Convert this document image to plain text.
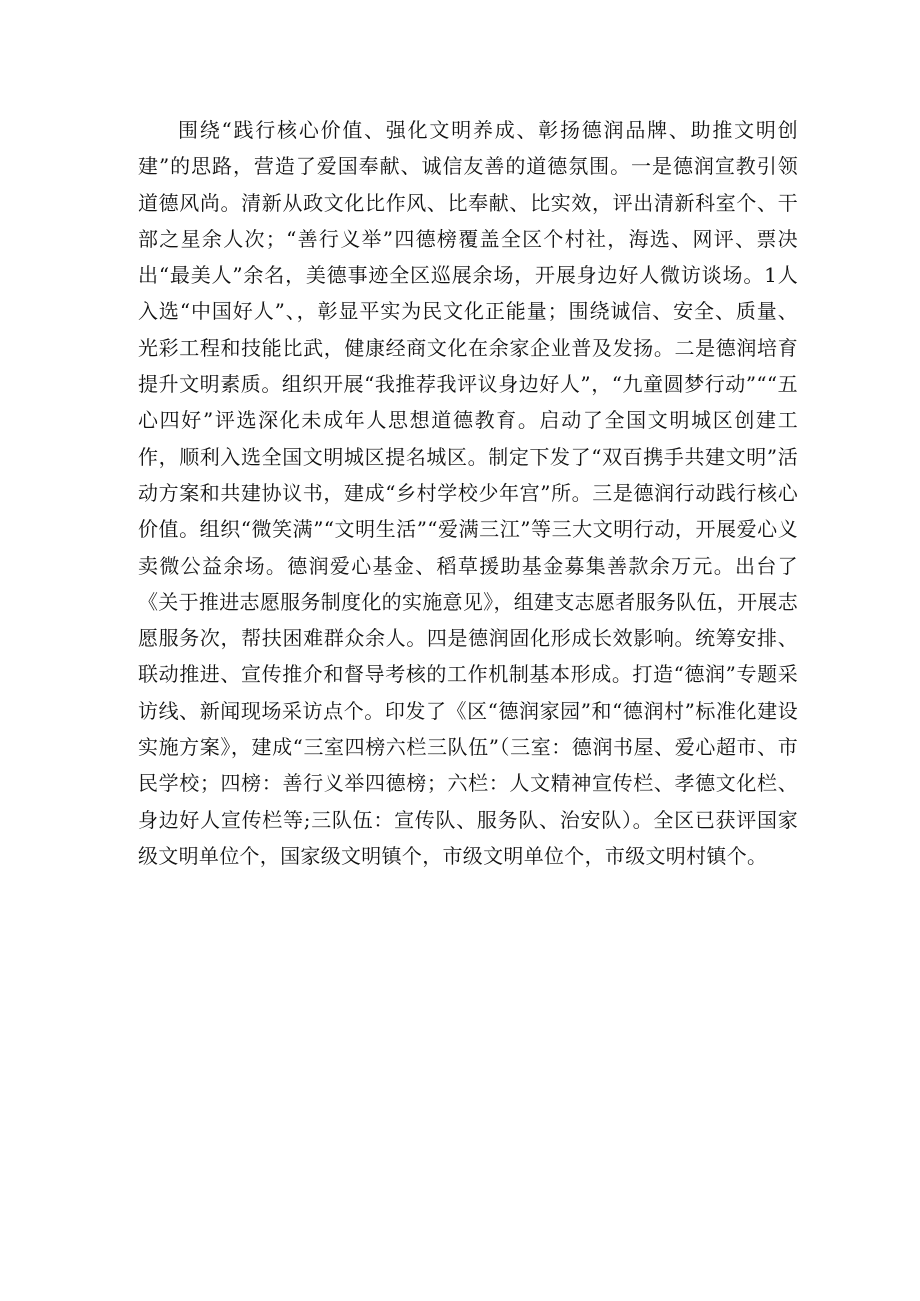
围绕“践行核心价值、强化文明养成、彰扬德润品牌、助推文明创建”的思路，营造了爱国奉献、诚信友善的道德氛围。一是德润宣教引领道德风尚。清新从政文化比作风、比奉献、比实效，评出清新科室个、干部之星余人次；“善行义举”四德榜覆盖全区个村社，海选、网评、票决出“最美人”余名，美德事迹全区巡展余场，开展身边好人微访谈场。1人入选“中国好人”、，彰显平实为民文化正能量；围绕诚信、安全、质量、光彩工程和技能比武，健康经商文化在余家企业普及发扬。二是德润培育提升文明素质。组织开展“我推荐我评议身边好人”，“九童圆梦行动”““五心四好”评选深化未成年人思想道德教育。启动了全国文明城区创建工作，顺利入选全国文明城区提名城区。制定下发了“双百携手共建文明”活动方案和共建协议书，建成“乡村学校少年宫”所。三是德润行动践行核心价值。组织“微笑满”“文明生活”“爱满三江”等三大文明行动，开展爱心义卖微公益余场。德润爱心基金、稻草援助基金募集善款余万元。出台了《关于推进志愿服务制度化的实施意见》，组建支志愿者服务队伍，开展志愿服务次，帮扶困难群众余人。四是德润固化形成长效影响。统筹安排、联动推进、宣传推介和督导考核的工作机制基本形成。打造“德润”专题采访线、新闻现场采访点个。印发了《区“德润家园”和“德润村”标准化建设实施方案》，建成“三室四榜六栏三队伍”（三室：德润书屋、爱心超市、市民学校；四榜：善行义举四德榜；六栏：人文精神宣传栏、孝德文化栏、身边好人宣传栏等;三队伍：宣传队、服务队、治安队）。全区已获评国家级文明单位个，国家级文明镇个，市级文明单位个，市级文明村镇个。
